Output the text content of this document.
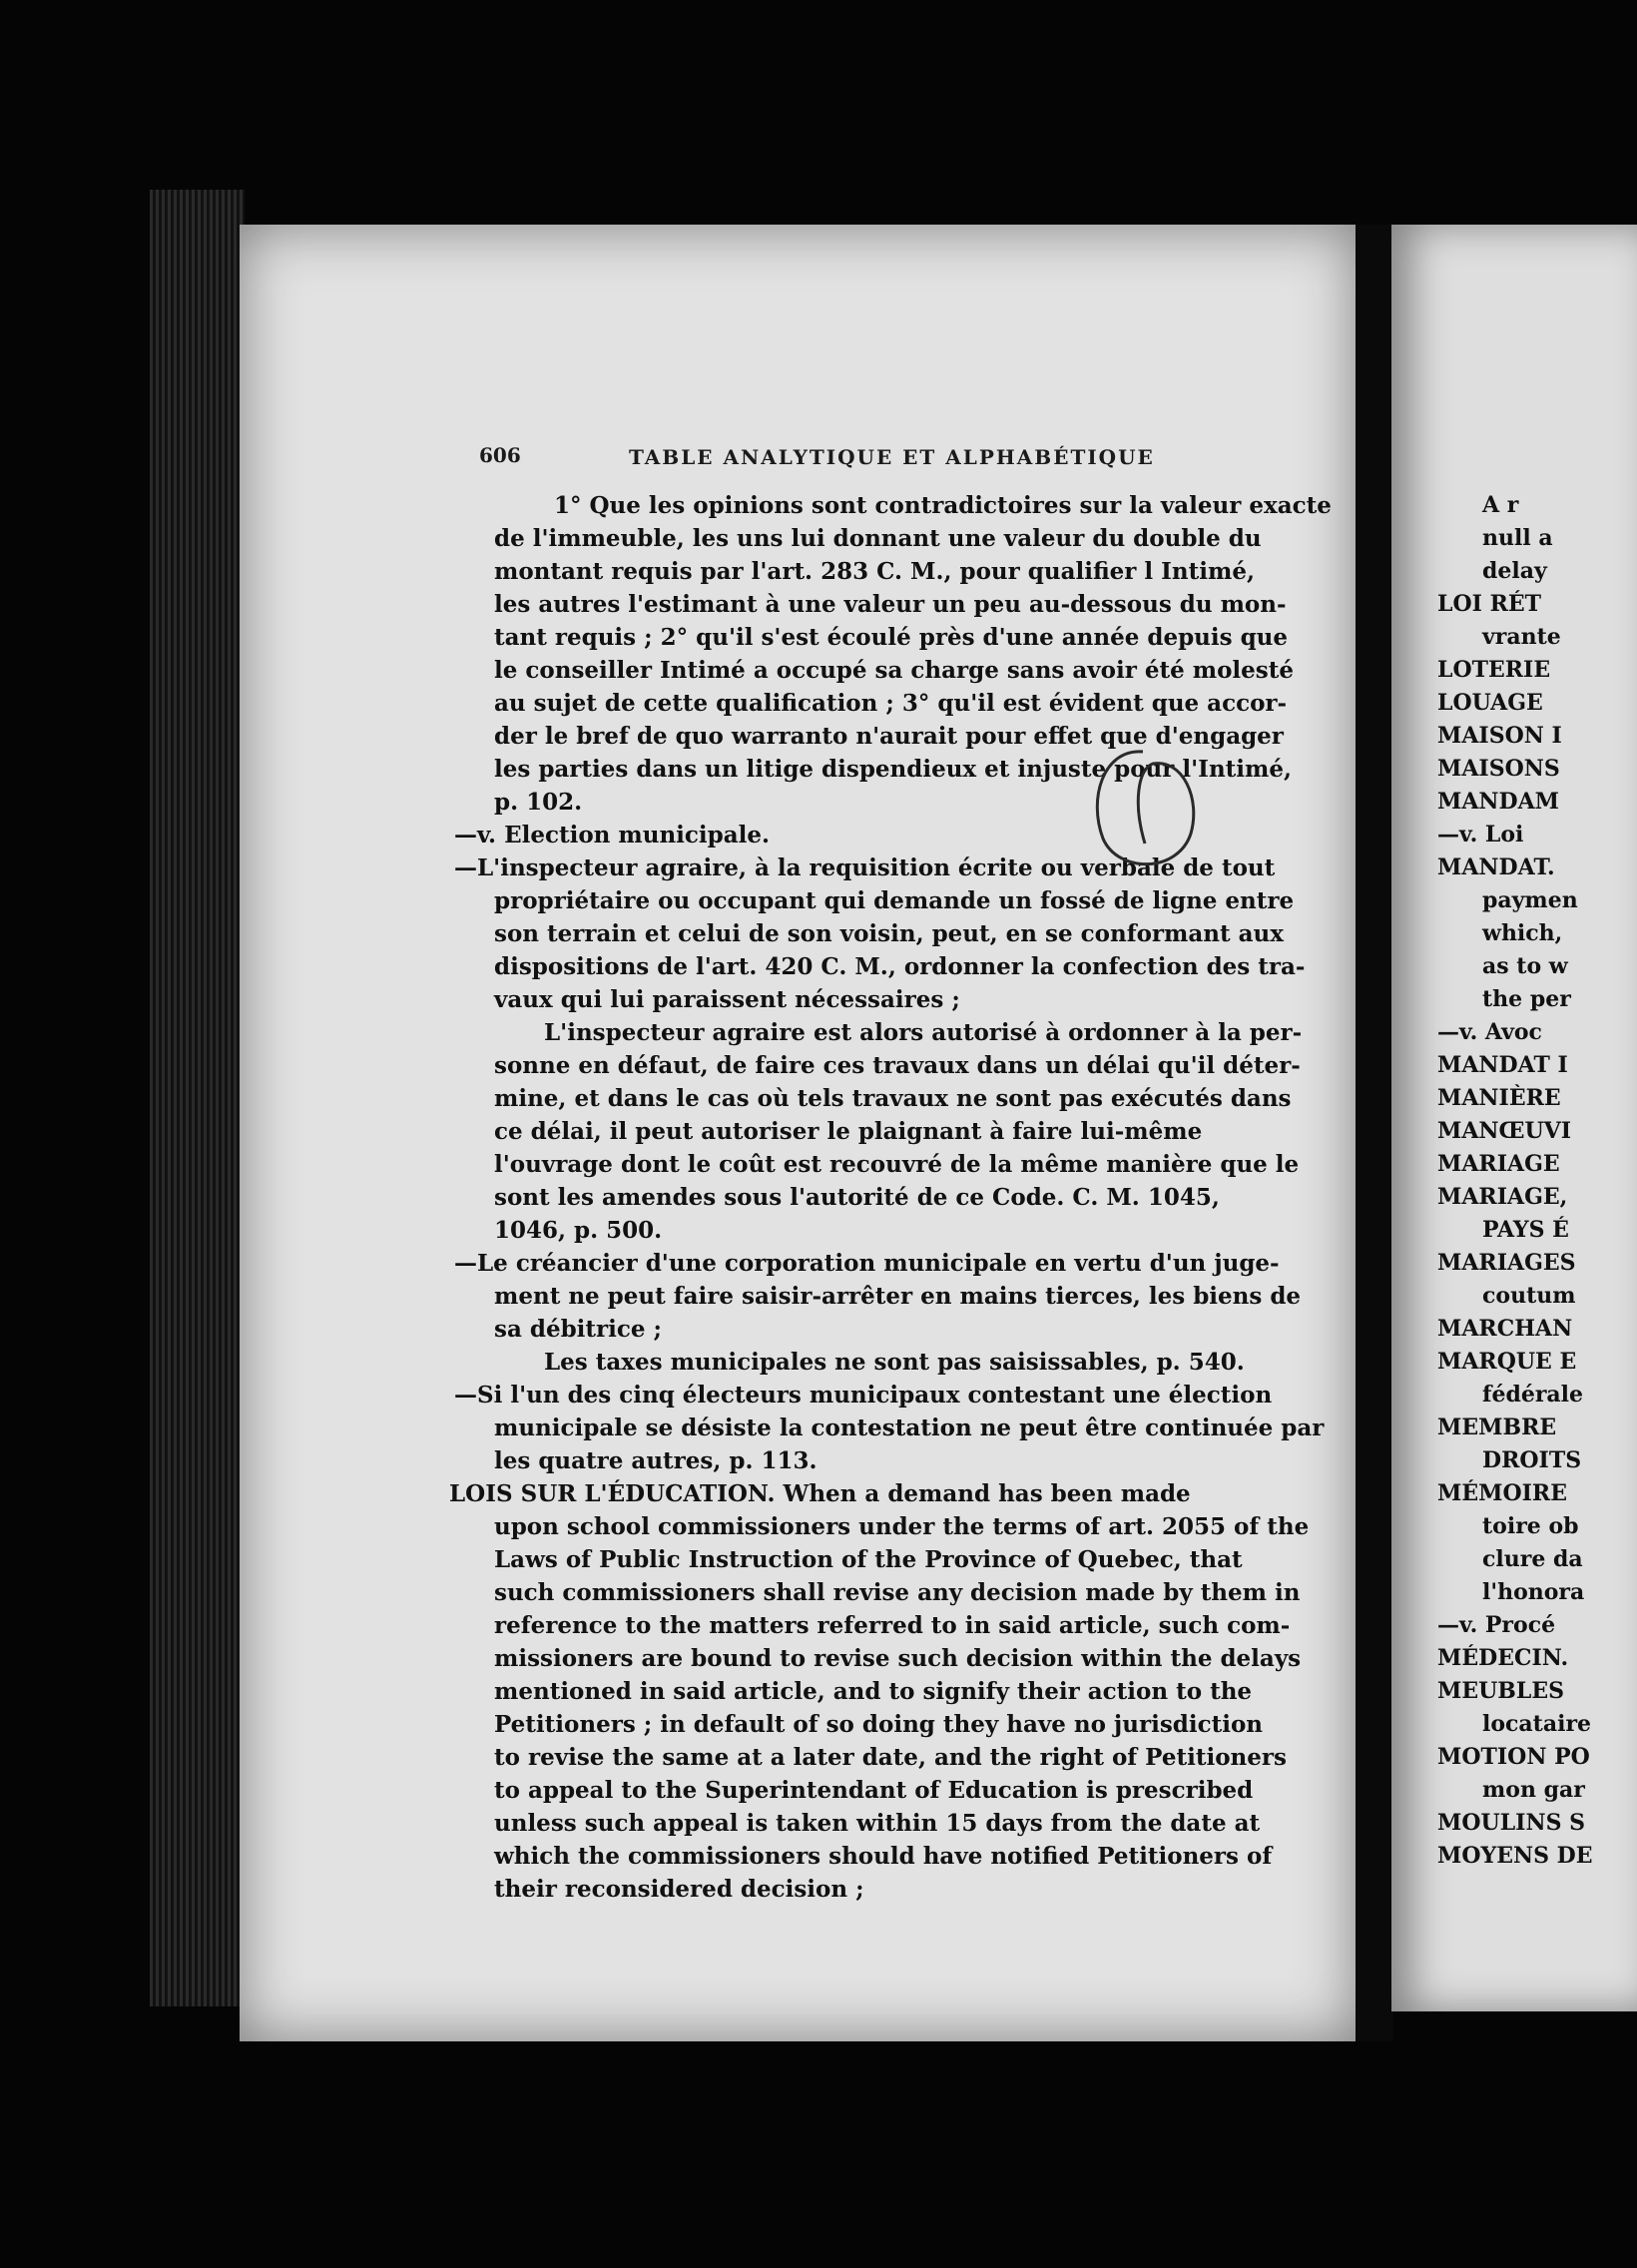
606	TABLE ANALYTIQUE ET ALPHABÉTIQUE
1° Que les opinions sont contradictoires sur la valeur exacte
de l'immeuble, les uns lui donnant une valeur du double du
montant requis par l'art. 283 C. M., pour qualifier l Intimé,
les autres l'estimant à une valeur un peu au-dessous du mon-
tant requis ; 2° qu'il s'est écoulé près d'une année depuis que
le conseiller Intimé a occupé sa charge sans avoir été molesté
au sujet de cette qualification ; 3° qu'il est évident que accor-
der le bref de quo warranto n'aurait pour effet que d'engager
les parties dans un litige dispendieux et injuste pour l'Intimé,
p. 102.
—v. Election municipale.
—L'inspecteur agraire, à la requisition écrite ou verbale de tout
propriétaire ou occupant qui demande un fossé de ligne entre
son terrain et celui de son voisin, peut, en se conformant aux
dispositions de l'art. 420 C. M., ordonner la confection des tra-
vaux qui lui paraissent nécessaires ;
L'inspecteur agraire est alors autorisé à ordonner à la per-
sonne en défaut, de faire ces travaux dans un délai qu'il déter-
mine, et dans le cas où tels travaux ne sont pas exécutés dans
ce délai, il peut autoriser le plaignant à faire lui-même
l'ouvrage dont le coût est recouvré de la même manière que le
sont les amendes sous l'autorité de ce Code. C. M. 1045,
1046, p. 500.
—Le créancier d'une corporation municipale en vertu d'un juge-
ment ne peut faire saisir-arrêter en mains tierces, les biens de
sa débitrice ;
Les taxes municipales ne sont pas saisissables, p. 540.
—Si l'un des cinq électeurs municipaux contestant une élection
municipale se désiste la contestation ne peut être continuée par
les quatre autres, p. 113.
LOIS SUR L'ÉDUCATION. When a demand has been made
upon school commissioners under the terms of art. 2055 of the
Laws of Public Instruction of the Province of Quebec, that
such commissioners shall revise any decision made by them in
reference to the matters referred to in said article, such com-
missioners are bound to revise such decision within the delays
mentioned in said article, and to signify their action to the
Petitioners ; in default of so doing they have no jurisdiction
to revise the same at a later date, and the right of Petitioners
to appeal to the Superintendant of Education is prescribed
unless such appeal is taken within 15 days from the date at
which the commissioners should have notified Petitioners of
their reconsidered decision ;
A r
null a
delay
LOI RÉT
vrante
LOTERIE
LOUAGE
MAISON I
MAISONS
MANDAM
—v. Loi
MANDAT.
paymen
which,
as to w
the per
—v. Avoc
MANDAT I
MANIÈRE
MANŒUVI
MARIAGE
MARIAGE,
PAYS É
MARIAGES
coutum
MARCHAN
MARQUE E
fédérale
MEMBRE
DROITS
MÉMOIRE
toire ob
clure da
l'honora
—v. Procé
MÉDECIN.
MEUBLES
locataire
MOTION PO
mon gar
MOULINS S
MOYENS DE
